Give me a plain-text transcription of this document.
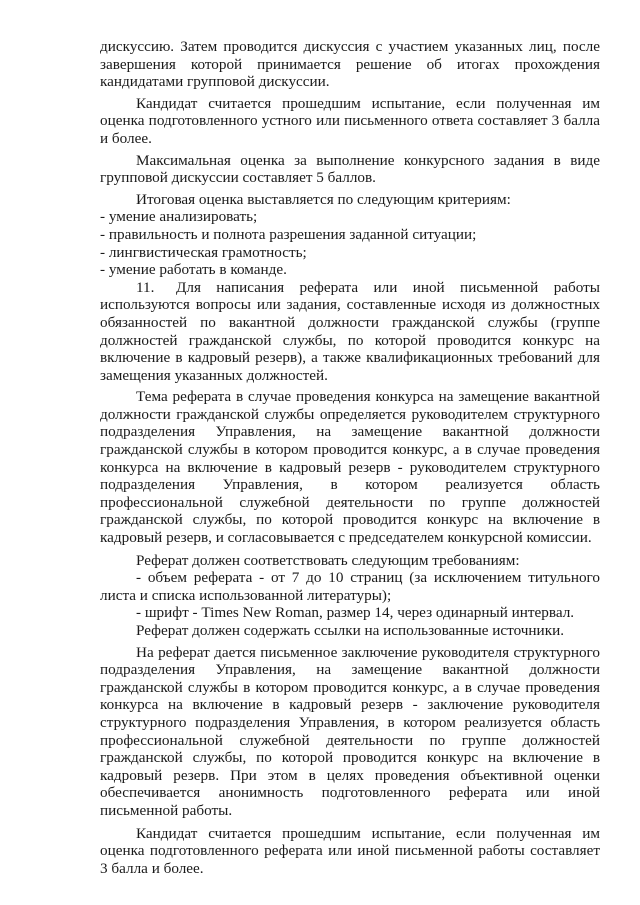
дискуссию. Затем проводится дискуссия с участием указанных лиц, после завершения которой принимается решение об итогах прохождения кандидатами групповой дискуссии.

Кандидат считается прошедшим испытание, если полученная им оценка подготовленного устного или письменного ответа составляет 3 балла и более.

Максимальная оценка за выполнение конкурсного задания в виде групповой дискуссии составляет 5 баллов.

Итоговая оценка выставляется по следующим критериям:

- умение анализировать;

- правильность и полнота разрешения заданной ситуации;

- лингвистическая грамотность;

- умение работать в команде.

11. Для написания реферата или иной письменной работы используются вопросы или задания, составленные исходя из должностных обязанностей по вакантной должности гражданской службы (группе должностей гражданской службы, по которой проводится конкурс на включение в кадровый резерв), а также квалификационных требований для замещения указанных должностей.

Тема реферата в случае проведения конкурса на замещение вакантной должности гражданской службы определяется руководителем структурного подразделения Управления, на замещение вакантной должности гражданской службы в котором проводится конкурс, а в случае проведения конкурса на включение в кадровый резерв - руководителем структурного подразделения Управления, в котором реализуется область профессиональной служебной деятельности по группе должностей гражданской службы, по которой проводится конкурс на включение в кадровый резерв, и согласовывается с председателем конкурсной комиссии.

Реферат должен соответствовать следующим требованиям:

- объем реферата - от 7 до 10 страниц (за исключением титульного листа и списка использованной литературы);

- шрифт - Times New Roman, размер 14, через одинарный интервал.

Реферат должен содержать ссылки на использованные источники.

На реферат дается письменное заключение руководителя структурного подразделения Управления, на замещение вакантной должности гражданской службы в котором проводится конкурс, а в случае проведения конкурса на включение в кадровый резерв - заключение руководителя структурного подразделения Управления, в котором реализуется область профессиональной служебной деятельности по группе должностей гражданской службы, по которой проводится конкурс на включение в кадровый резерв. При этом в целях проведения объективной оценки обеспечивается анонимность подготовленного реферата или иной письменной работы.

Кандидат считается прошедшим испытание, если полученная им оценка подготовленного реферата или иной письменной работы составляет 3 балла и более.
